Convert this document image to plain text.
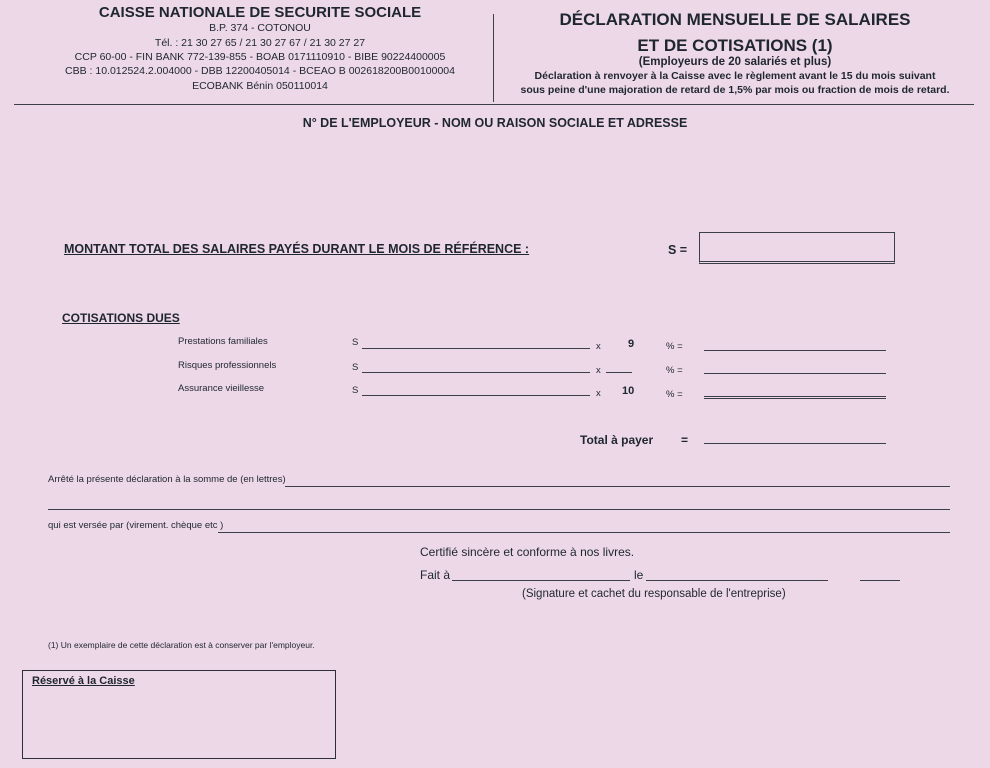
CAISSE NATIONALE DE SECURITE SOCIALE
B.P. 374 - COTONOU
Tél. : 21 30 27 65 / 21 30 27 67 / 21 30 27 27
CCP 60-00 - FIN BANK 772-139-855 - BOAB 0171110910 - BIBE 90224400005
CBB : 10.012524.2.004000 - DBB 12200405014 - BCEAO B 002618200B00100004
ECOBANK Bénin 050110014
DÉCLARATION MENSUELLE DE SALAIRES
ET DE COTISATIONS (1)
(Employeurs de 20 salariés et plus)
Déclaration à renvoyer à la Caisse avec le règlement avant le 15 du mois suivant
sous peine d'une majoration de retard de 1,5% par mois ou fraction de mois de retard.
N° DE L'EMPLOYEUR - NOM OU RAISON SOCIALE ET ADRESSE
MONTANT TOTAL DES SALAIRES PAYÉS DURANT LE MOIS DE RÉFÉRENCE :	S =
COTISATIONS DUES
Prestations familiales	S	x 9	% =
Risques professionnels	S	x	% =
Assurance vieillesse	S	x 10	% =
Total à payer =
Arrêté la présente déclaration à la somme de (en lettres)
qui est versée par (virement. chèque etc )
Certifié sincère et conforme à nos livres.
Fait à	le
(Signature et cachet du responsable de l'entreprise)
(1) Un exemplaire de cette déclaration est à conserver par l'employeur.
Réservé à la Caisse
